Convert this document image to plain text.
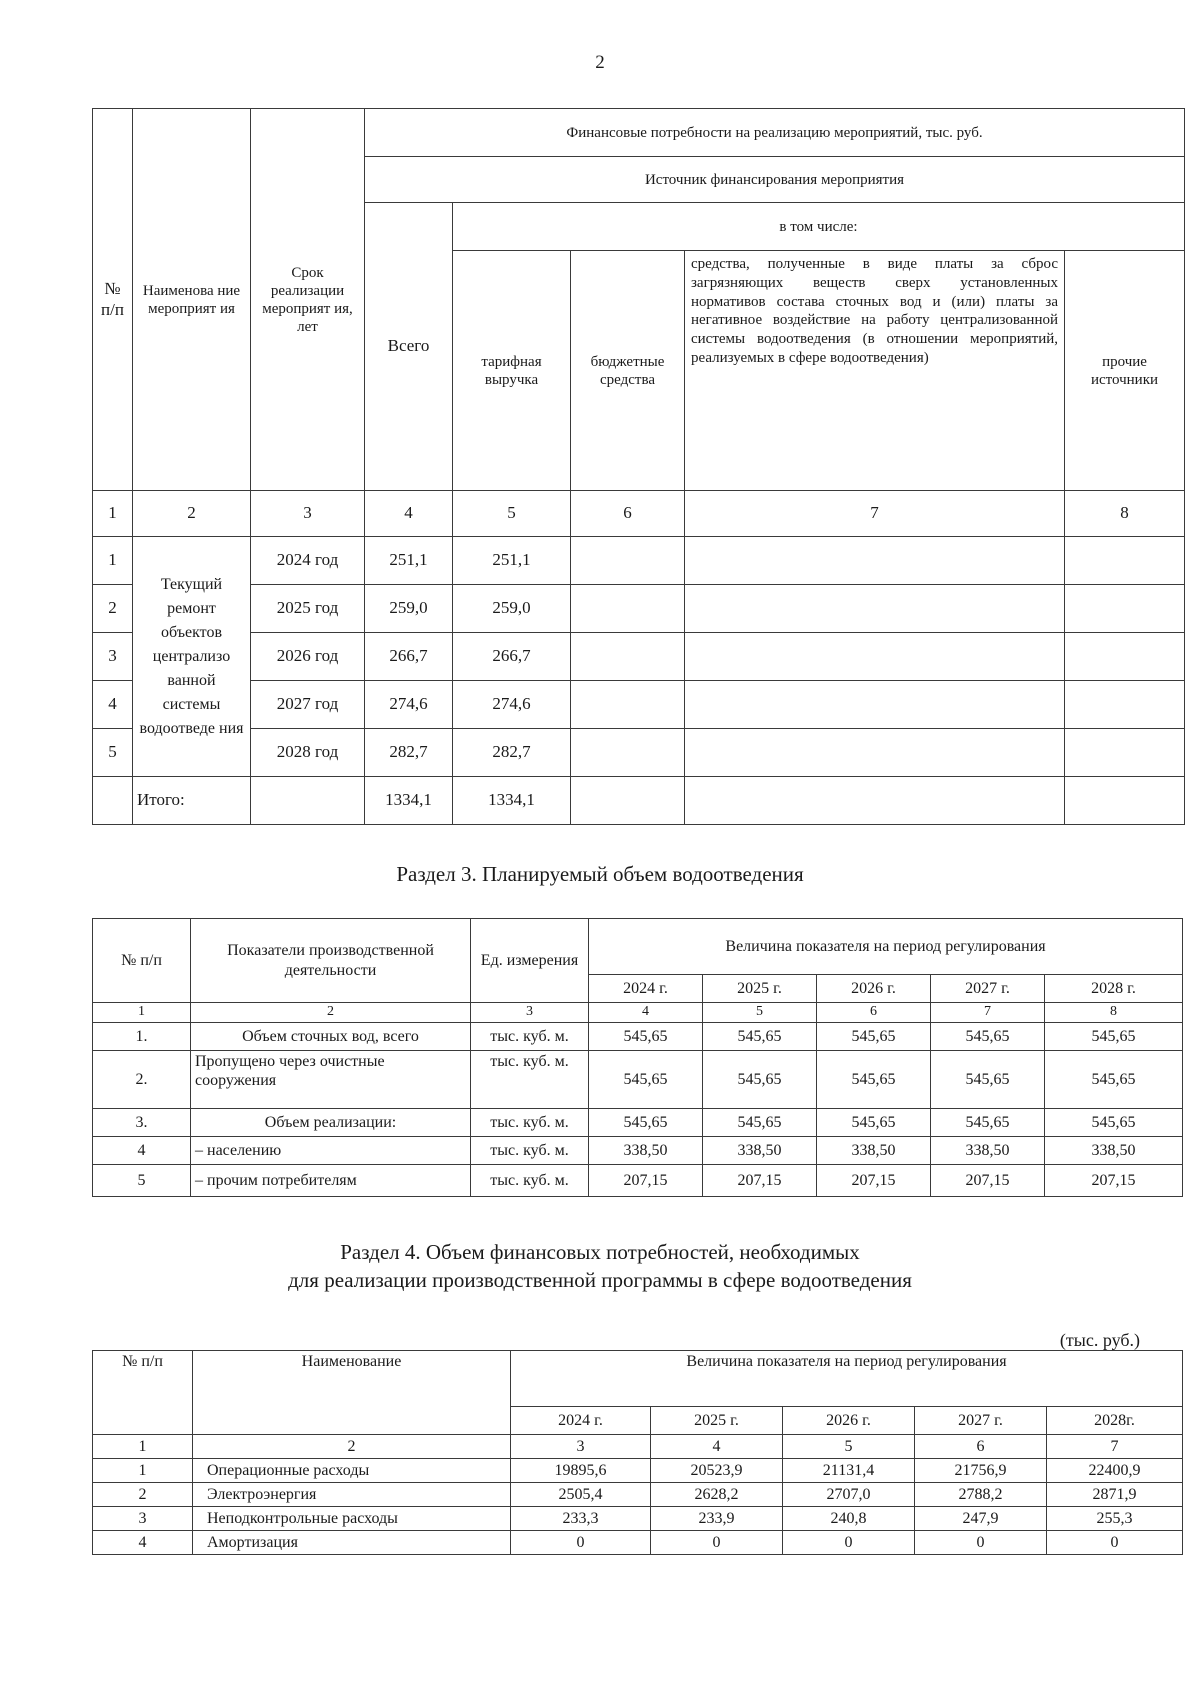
2
№ п/п	Наименова ние мероприят ия	Срок реализации мероприят ия, лет	Финансовые потребности на реализацию мероприятий, тыс. руб.				
			Источник финансирования мероприятия				
			Всего	в том числе:			
				тарифная выручка	бюджетные средства	средства, полученные в виде платы за сброс загрязняющих веществ сверх установленных нормативов состава сточных вод и (или) платы за негативное воздействие на работу централизованной системы водоотведения (в отношении мероприятий, реализуемых в сфере водоотведения)	прочие источники
1	2	3	4	5	6	7	8
1	Текущий ремонт объектов централизо ванной системы водоотведе ния	2024 год	251,1	251,1			
2		2025 год	259,0	259,0			
3		2026 год	266,7	266,7			
4		2027 год	274,6	274,6			
5		2028 год	282,7	282,7			
	Итого:		1334,1	1334,1			
Раздел 3. Планируемый объем водоотведения
№ п/п	Показатели производственной деятельности	Ед. измерения	Величина показателя на период регулирования				
			2024 г.	2025 г.	2026 г.	2027 г.	2028 г.
1	2	3	4	5	6	7	8
1.	Объем сточных вод, всего	тыс. куб. м.	545,65	545,65	545,65	545,65	545,65
2.	Пропущено через очистные сооружения	тыс. куб. м.	545,65	545,65	545,65	545,65	545,65
3.	Объем реализации:	тыс. куб. м.	545,65	545,65	545,65	545,65	545,65
4	– населению	тыс. куб. м.	338,50	338,50	338,50	338,50	338,50
5	– прочим потребителям	тыс. куб. м.	207,15	207,15	207,15	207,15	207,15
Раздел 4. Объем финансовых потребностей, необходимых
для реализации производственной программы в сфере водоотведения
(тыс. руб.)
№ п/п	Наименование	Величина показателя на период регулирования				
		2024 г.	2025 г.	2026 г.	2027 г.	2028г.
1	2	3	4	5	6	7
1	Операционные расходы	19895,6	20523,9	21131,4	21756,9	22400,9
2	Электроэнергия	2505,4	2628,2	2707,0	2788,2	2871,9
3	Неподконтрольные расходы	233,3	233,9	240,8	247,9	255,3
4	Амортизация	0	0	0	0	0
